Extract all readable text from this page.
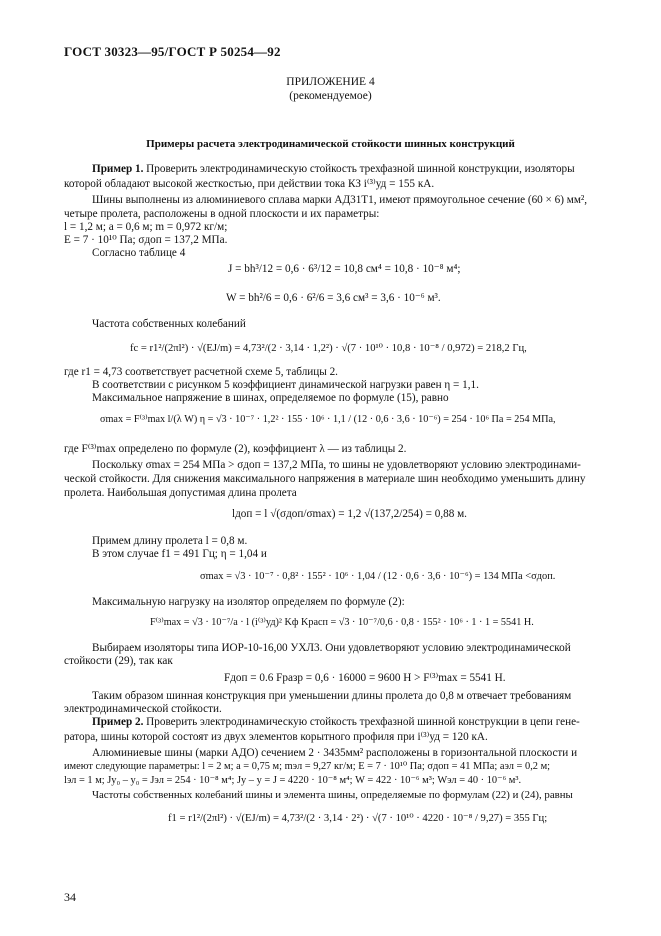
ГОСТ 30323—95/ГОСТ Р 50254—92
ПРИЛОЖЕНИЕ 4
(рекомендуемое)
Примеры расчета электродинамической стойкости шинных конструкций
Пример 1. Проверить электродинамическую стойкость трехфазной шинной конструкции, изоляторы
которой обладают высокой жесткостью, при действии тока КЗ i⁽³⁾уд = 155 кА.
Шины выполнены из алюминиевого сплава марки АД31Т1, имеют прямоугольное сечение (60 × 6) мм²,
четыре пролета, расположены в одной плоскости и их параметры:
l = 1,2 м; a = 0,6 м; m = 0,972 кг/м;
E = 7 · 10¹⁰ Па; σдоп = 137,2 МПа.
Согласно таблице 4
J = bh³/12 = 0,6 · 6³/12 = 10,8 см⁴ = 10,8 · 10⁻⁸ м⁴;
W = bh²/6 = 0,6 · 6²/6 = 3,6 см³ = 3,6 · 10⁻⁶ м³.
Частота собственных колебаний
fc = r1²/(2πl²) · √(EJ/m) = 4,73²/(2 · 3,14 · 1,2²) · √(7 · 10¹⁰ · 10,8 · 10⁻⁸ / 0,972) = 218,2 Гц,
где r1 = 4,73 соответствует расчетной схеме 5, таблицы 2.
В соответствии с рисунком 5 коэффициент динамической нагрузки равен η = 1,1.
Максимальное напряжение в шинах, определяемое по формуле (15), равно
σmax = F⁽³⁾max l/(λ W) η = √3 · 10⁻⁷ · 1,2² · 155 · 10⁶ · 1,1 / (12 · 0,6 · 3,6 · 10⁻⁶) = 254 · 10⁶ Па = 254 МПа,
где F⁽³⁾max определено по формуле (2), коэффициент λ — из таблицы 2.
Поскольку σmax = 254 МПа > σдоп = 137,2 МПа, то шины не удовлетворяют условию электродинами-
ческой стойкости. Для снижения максимального напряжения в материале шин необходимо уменьшить длину
пролета. Наибольшая допустимая длина пролета
lдоп = l √(σдоп/σmax) = 1,2 √(137,2/254) = 0,88 м.
Примем длину пролета l = 0,8 м.
В этом случае f1 = 491 Гц; η = 1,04 и
σmax = √3 · 10⁻⁷ · 0,8² · 155² · 10⁶ · 1,04 / (12 · 0,6 · 3,6 · 10⁻⁶) = 134 МПа <σдоп.
Максимальную нагрузку на изолятор определяем по формуле (2):
F⁽³⁾max = √3 · 10⁻⁷/a · l (i⁽³⁾уд)² Kф Kрасп = √3 · 10⁻⁷/0,6 · 0,8 · 155² · 10⁶ · 1 · 1 = 5541 Н.
Выбираем изоляторы типа ИОР-10-16,00 УХЛ3. Они удовлетворяют условию электродинамической
стойкости (29), так как
Fдоп = 0.6 Fразр = 0,6 · 16000 = 9600 Н > F⁽³⁾max = 5541 Н.
Таким образом шинная конструкция при уменьшении длины пролета до 0,8 м отвечает требованиям
электродинамической стойкости.
Пример 2. Проверить электродинамическую стойкость трехфазной шинной конструкции в цепи гене-
ратора, шины которой состоят из двух элементов корытного профиля при i⁽³⁾уд = 120 кА.
Алюминиевые шины (марки АДО) сечением 2 · 3435мм² расположены в горизонтальной плоскости и
имеют следующие параметры: l = 2 м; a = 0,75 м; mэл = 9,27 кг/м; E = 7 · 10¹⁰ Па; σдоп = 41 МПа; aэл = 0,2 м;
lэл = 1 м; Jy₀ – y₀ = Jэл = 254 · 10⁻⁸ м⁴; Jy – y = J = 4220 · 10⁻⁸ м⁴; W = 422 · 10⁻⁶ м³; Wэл = 40 · 10⁻⁶ м³.
Частоты собственных колебаний шины и элемента шины, определяемые по формулам (22) и (24), равны
f1 = r1²/(2πl²) · √(EJ/m) = 4,73²/(2 · 3,14 · 2²) · √(7 · 10¹⁰ · 4220 · 10⁻⁸ / 9,27) = 355 Гц;
34
